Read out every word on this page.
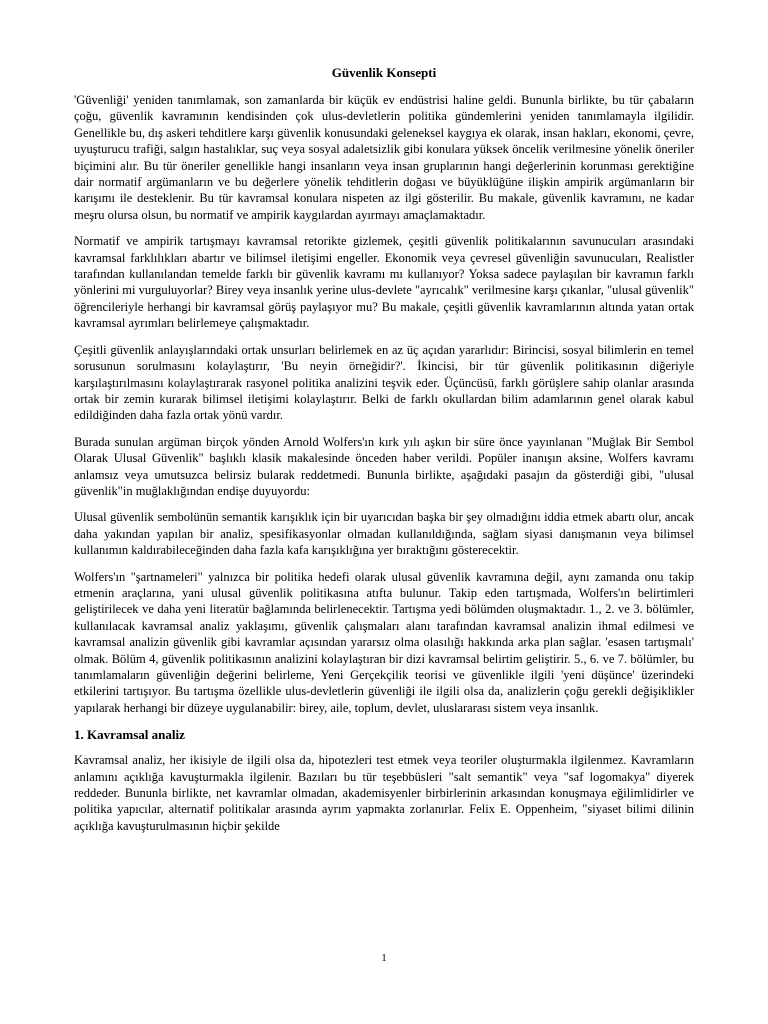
Güvenlik Konsepti

'Güvenliği' yeniden tanımlamak, son zamanlarda bir küçük ev endüstrisi haline geldi. Bununla birlikte, bu tür çabaların çoğu, güvenlik kavramının kendisinden çok ulus-devletlerin politika gündemlerini yeniden tanımlamayla ilgilidir. Genellikle bu, dış askeri tehditlere karşı güvenlik konusundaki geleneksel kaygıya ek olarak, insan hakları, ekonomi, çevre, uyuşturucu trafiği, salgın hastalıklar, suç veya sosyal adaletsizlik gibi konulara yüksek öncelik verilmesine yönelik öneriler biçimini alır. Bu tür öneriler genellikle hangi insanların veya insan gruplarının hangi değerlerinin korunması gerektiğine dair normatif argümanların ve bu değerlere yönelik tehditlerin doğası ve büyüklüğüne ilişkin ampirik argümanların bir karışımı ile desteklenir. Bu tür kavramsal konulara nispeten az ilgi gösterilir. Bu makale, güvenlik kavramını, ne kadar meşru olursa olsun, bu normatif ve ampirik kaygılardan ayırmayı amaçlamaktadır.

Normatif ve ampirik tartışmayı kavramsal retorikte gizlemek, çeşitli güvenlik politikalarının savunucuları arasındaki kavramsal farklılıkları abartır ve bilimsel iletişimi engeller. Ekonomik veya çevresel güvenliğin savunucuları, Realistler tarafından kullanılandan temelde farklı bir güvenlik kavramı mı kullanıyor? Yoksa sadece paylaşılan bir kavramın farklı yönlerini mi vurguluyorlar? Birey veya insanlık yerine ulus-devlete "ayrıcalık" verilmesine karşı çıkanlar, "ulusal güvenlik" öğrencileriyle herhangi bir kavramsal görüş paylaşıyor mu? Bu makale, çeşitli güvenlik kavramlarının altında yatan ortak kavramsal ayrımları belirlemeye çalışmaktadır.

Çeşitli güvenlik anlayışlarındaki ortak unsurları belirlemek en az üç açıdan yararlıdır: Birincisi, sosyal bilimlerin en temel sorusunun sorulmasını kolaylaştırır, 'Bu neyin örneğidir?'. İkincisi, bir tür güvenlik politikasının diğeriyle karşılaştırılmasını kolaylaştırarak rasyonel politika analizini teşvik eder. Üçüncüsü, farklı görüşlere sahip olanlar arasında ortak bir zemin kurarak bilimsel iletişimi kolaylaştırır. Belki de farklı okullardan bilim adamlarının genel olarak kabul edildiğinden daha fazla ortak yönü vardır.

Burada sunulan argüman birçok yönden Arnold Wolfers'ın kırk yılı aşkın bir süre önce yayınlanan "Muğlak Bir Sembol Olarak Ulusal Güvenlik" başlıklı klasik makalesinde önceden haber verildi. Popüler inanışın aksine, Wolfers kavramı anlamsız veya umutsuzca belirsiz bularak reddetmedi. Bununla birlikte, aşağıdaki pasajın da gösterdiği gibi, "ulusal güvenlik"in muğlaklığından endişe duyuyordu:

Ulusal güvenlik sembolünün semantik karışıklık için bir uyarıcıdan başka bir şey olmadığını iddia etmek abartı olur, ancak daha yakından yapılan bir analiz, spesifikasyonlar olmadan kullanıldığında, sağlam siyasi danışmanın veya bilimsel kullanımın kaldırabileceğinden daha fazla kafa karışıklığına yer bıraktığını gösterecektir.

Wolfers'ın "şartnameleri" yalnızca bir politika hedefi olarak ulusal güvenlik kavramına değil, aynı zamanda onu takip etmenin araçlarına, yani ulusal güvenlik politikasına atıfta bulunur. Takip eden tartışmada, Wolfers'ın belirtimleri geliştirilecek ve daha yeni literatür bağlamında belirlenecektir. Tartışma yedi bölümden oluşmaktadır. 1., 2. ve 3. bölümler, kullanılacak kavramsal analiz yaklaşımı, güvenlik çalışmaları alanı tarafından kavramsal analizin ihmal edilmesi ve kavramsal analizin güvenlik gibi kavramlar açısından yararsız olma olasılığı hakkında arka plan sağlar. 'esasen tartışmalı' olmak. Bölüm 4, güvenlik politikasının analizini kolaylaştıran bir dizi kavramsal belirtim geliştirir. 5., 6. ve 7. bölümler, bu tanımlamaların güvenliğin değerini belirleme, Yeni Gerçekçilik teorisi ve güvenlikle ilgili 'yeni düşünce' üzerindeki etkilerini tartışıyor. Bu tartışma özellikle ulus-devletlerin güvenliği ile ilgili olsa da, analizlerin çoğu gerekli değişiklikler yapılarak herhangi bir düzeye uygulanabilir: birey, aile, toplum, devlet, uluslararası sistem veya insanlık.

1. Kavramsal analiz

Kavramsal analiz, her ikisiyle de ilgili olsa da, hipotezleri test etmek veya teoriler oluşturmakla ilgilenmez. Kavramların anlamını açıklığa kavuşturmakla ilgilenir. Bazıları bu tür teşebbüsleri "salt semantik" veya "saf logomakya" diyerek reddeder. Bununla birlikte, net kavramlar olmadan, akademisyenler birbirlerinin arkasından konuşmaya eğilimlidirler ve politika yapıcılar, alternatif politikalar arasında ayrım yapmakta zorlanırlar. Felix E. Oppenheim, "siyaset bilimi dilinin açıklığa kavuşturulmasının hiçbir şekilde

1
